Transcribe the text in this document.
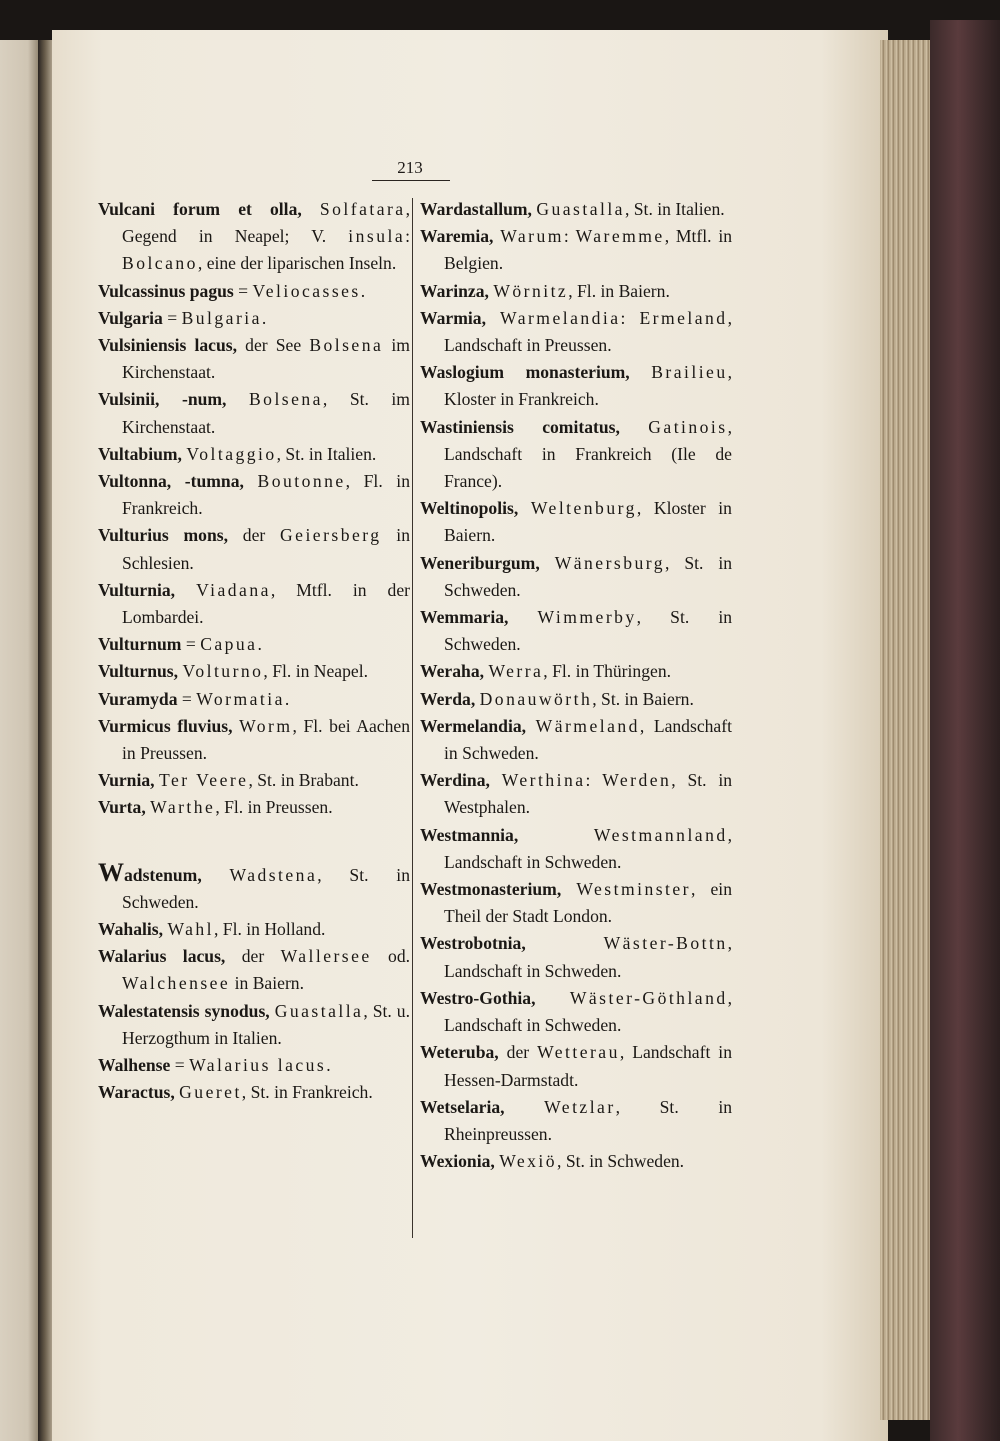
213

Vulcani forum et olla, Solfatara, Gegend in Neapel; V. insula: Bolcano, eine der liparischen Inseln.

Vulcassinus pagus = Veliocasses.

Vulgaria = Bulgaria.

Vulsiniensis lacus, der See Bolsena im Kirchenstaat.

Vulsinii, -num, Bolsena, St. im Kirchenstaat.

Vultabium, Voltaggio, St. in Italien.

Vultonna, -tumna, Boutonne, Fl. in Frankreich.

Vulturius mons, der Geiersberg in Schlesien.

Vulturnia, Viadana, Mtfl. in der Lombardei.

Vulturnum = Capua.

Vulturnus, Volturno, Fl. in Neapel.

Vuramyda = Wormatia.

Vurmicus fluvius, Worm, Fl. bei Aachen in Preussen.

Vurnia, Ter Veere, St. in Brabant.

Vurta, Warthe, Fl. in Preussen.

Wadstenum, Wadstena, St. in Schweden.

Wahalis, Wahl, Fl. in Holland.

Walarius lacus, der Wallersee od. Walchensee in Baiern.

Walestatensis synodus, Guastalla, St. u. Herzogthum in Italien.

Walhense = Walarius lacus.

Waractus, Gueret, St. in Frankreich.

Wardastallum, Guastalla, St. in Italien.

Waremia, Warum: Waremme, Mtfl. in Belgien.

Warinza, Wörnitz, Fl. in Baiern.

Warmia, Warmelandia: Ermeland, Landschaft in Preussen.

Waslogium monasterium, Brailieu, Kloster in Frankreich.

Wastiniensis comitatus, Gatinois, Landschaft in Frankreich (Ile de France).

Weltinopolis, Weltenburg, Kloster in Baiern.

Weneriburgum, Wänersburg, St. in Schweden.

Wemmaria, Wimmerby, St. in Schweden.

Weraha, Werra, Fl. in Thüringen.

Werda, Donauwörth, St. in Baiern.

Wermelandia, Wärmeland, Landschaft in Schweden.

Werdina, Werthina: Werden, St. in Westphalen.

Westmannia,	Westmannland, Landschaft in Schweden.

Westmonasterium, Westminster, ein Theil der Stadt London.

Westrobotnia,	Wäster-Bottn, Landschaft in Schweden.

Westro-Gothia, Wäster-Göthland, Landschaft in Schweden.

Weteruba, der Wetterau, Landschaft in Hessen-Darmstadt.

Wetselaria, Wetzlar, St. in Rheinpreussen.

Wexionia, Wexiö, St. in Schweden.
